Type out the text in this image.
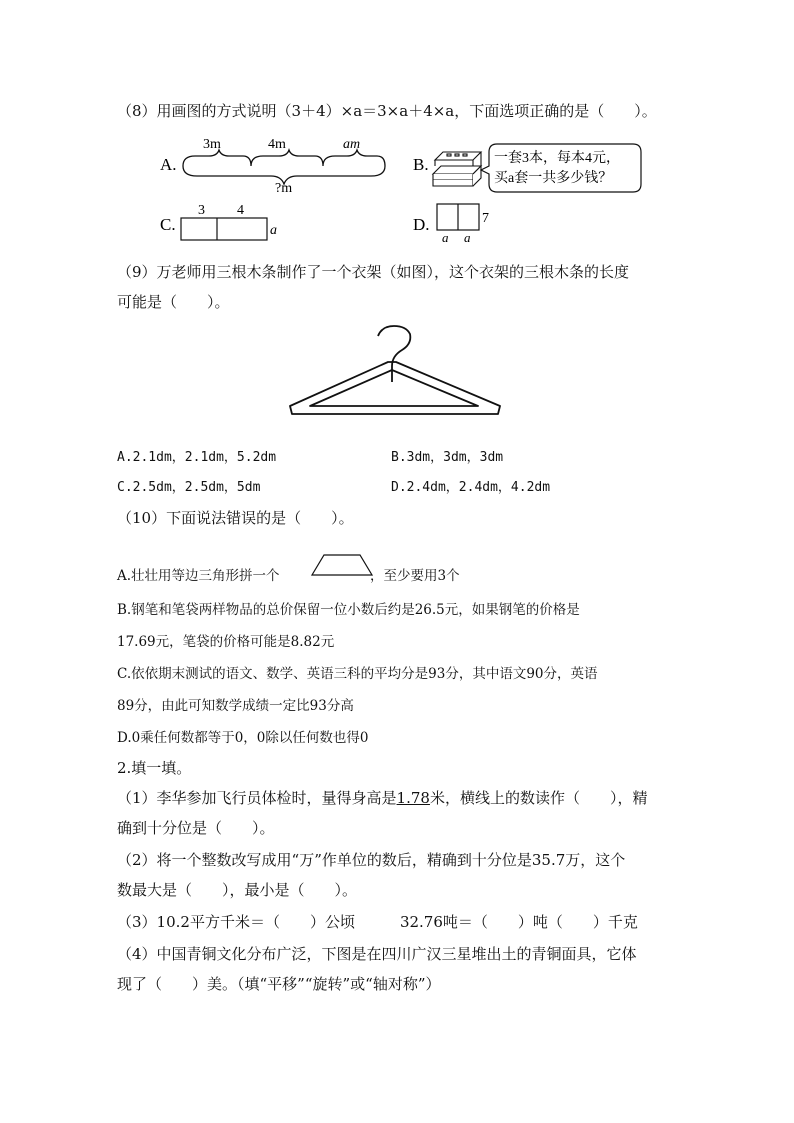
（8）用画图的方式说明（3＋4）×a＝3×a＋4×a，下面选项正确的是（　　）。
A.
3m	4m	am
?m
B.	一套3本，每本4元，
买a套一共多少钱？
C.
3 4
a	D.	7
a a
（9）万老师用三根木条制作了一个衣架（如图），这个衣架的三根木条的长度
可能是（　　）。
A.2.1dm，2.1dm，5.2dm	B.3dm，3dm，3dm
C.2.5dm，2.5dm，5dm	D.2.4dm，2.4dm，4.2dm
（10）下面说法错误的是（　　）。
A.壮壮用等边三角形拼一个	，至少要用3个
B.钢笔和笔袋两样物品的总价保留一位小数后约是26.5元，如果钢笔的价格是
17.69元，笔袋的价格可能是8.82元
C.依依期末测试的语文、数学、英语三科的平均分是93分，其中语文90分，英语
89分，由此可知数学成绩一定比93分高
D.0乘任何数都等于0，0除以任何数也得0
2.填一填。
（1）李华参加飞行员体检时，量得身高是1.78米，横线上的数读作（　　），精
确到十分位是（　　）。
（2）将一个整数改写成用“万”作单位的数后，精确到十分位是35.7万，这个
数最大是（　　），最小是（　　）。
（3）10.2平方千米＝（　　）公顷　　　32.76吨＝（　　）吨（　　）千克
（4）中国青铜文化分布广泛，下图是在四川广汉三星堆出土的青铜面具，它体
现了（　　）美。（填“平移”“旋转”或“轴对称”）
